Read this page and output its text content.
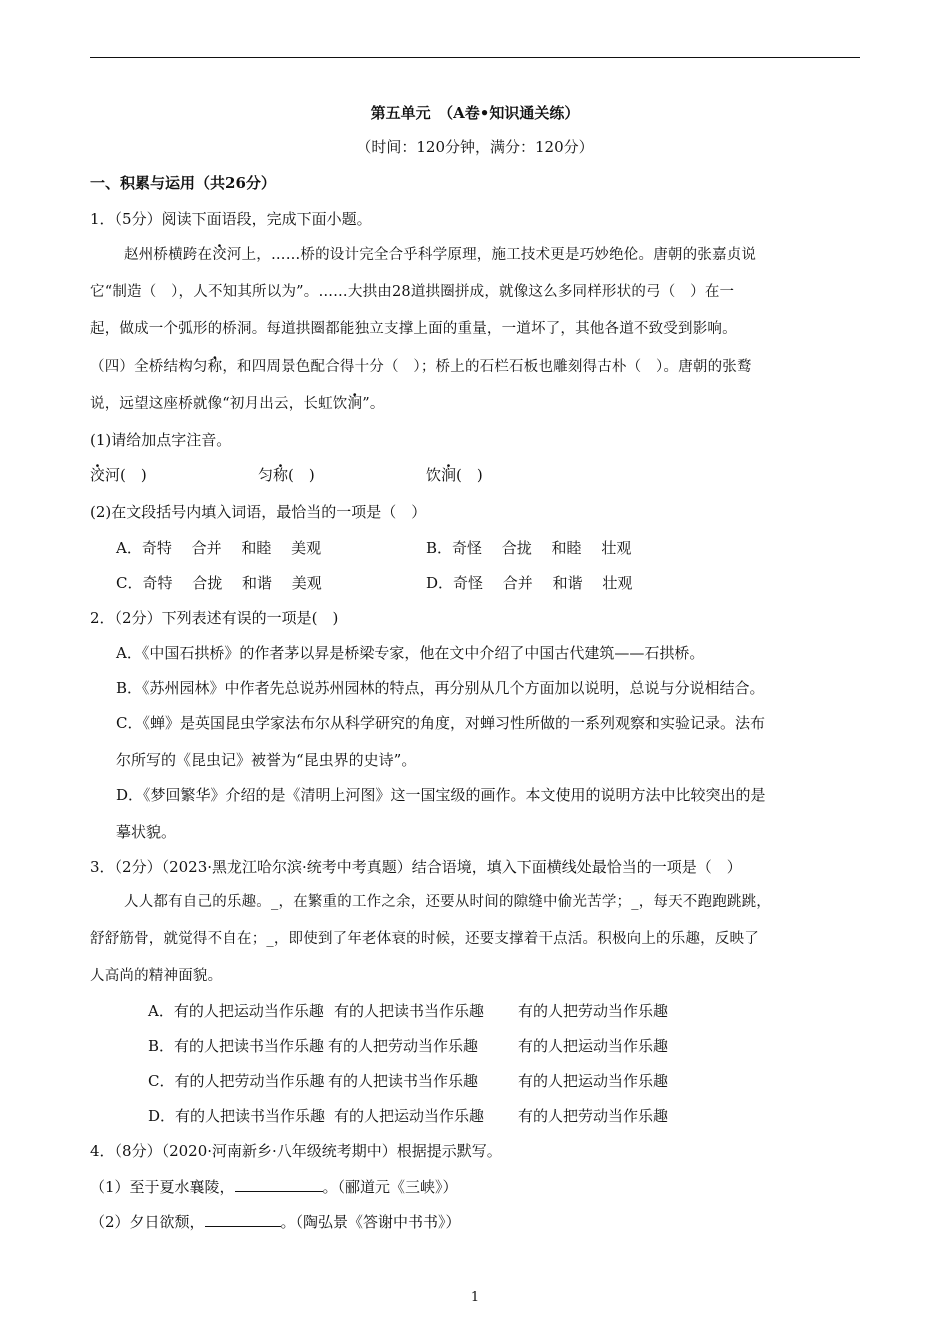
第五单元　（A卷•知识通关练）
（时间：120分钟，满分：120分）
一、积累与运用（共26分）
1．（5分）阅读下面语段，完成下面小题。
赵州桥横跨在洨河上，……桥的设计完全合乎科学原理，施工技术更是巧妙绝伦。唐朝的张嘉贞说
它“制造（　），人不知其所以为”。……大拱由28道拱圈拼成，就像这么多同样形状的弓（　）在一
起，做成一个弧形的桥洞。每道拱圈都能独立支撑上面的重量，一道坏了，其他各道不致受到影响。
（四）全桥结构匀称，和四周景色配合得十分（　）；桥上的石栏石板也雕刻得古朴（　）。唐朝的张鹜
说，远望这座桥就像“初月出云，长虹饮涧”。
(1)请给加点字注音。
洨河(　)	匀称(　)	饮涧(　)
(2)在文段括号内填入词语，最恰当的一项是（　）
A．奇特　 合并　 和睦　 美观	B．奇怪　 合拢　 和睦　 壮观
C．奇特　 合拢　 和谐　 美观	D．奇怪　 合并　 和谐　 壮观
2．（2分）下列表述有误的一项是(　)
A．《中国石拱桥》的作者茅以昇是桥梁专家，他在文中介绍了中国古代建筑——石拱桥。
B．《苏州园林》中作者先总说苏州园林的特点，再分别从几个方面加以说明，总说与分说相结合。
C．《蝉》是英国昆虫学家法布尔从科学研究的角度，对蝉习性所做的一系列观察和实验记录。法布
尔所写的《昆虫记》被誉为“昆虫界的史诗”。
D．《梦回繁华》介绍的是《清明上河图》这一国宝级的画作。本文使用的说明方法中比较突出的是
摹状貌。
3．（2分）（2023·黑龙江哈尔滨·统考中考真题）结合语境，填入下面横线处最恰当的一项是（　）
人人都有自己的乐趣。_，在繁重的工作之余，还要从时间的隙缝中偷光苦学；_，每天不跑跑跳跳，
舒舒筋骨，就觉得不自在；_，即使到了年老体衰的时候，还要支撑着干点活。积极向上的乐趣，反映了
人高尚的精神面貌。
A．有的人把运动当作乐趣 有的人把读书当作乐趣 有的人把劳动当作乐趣
B．有的人把读书当作乐趣 有的人把劳动当作乐趣	有的人把运动当作乐趣
C．有的人把劳动当作乐趣 有的人把读书当作乐趣	有的人把运动当作乐趣
D．有的人把读书当作乐趣 有的人把运动当作乐趣 有的人把劳动当作乐趣
4．（8分）（2020·河南新乡·八年级统考期中）根据提示默写。
（1）至于夏水襄陵，	。（郦道元《三峡》）
（2）夕日欲颓，	。（陶弘景《答谢中书书》）
1
